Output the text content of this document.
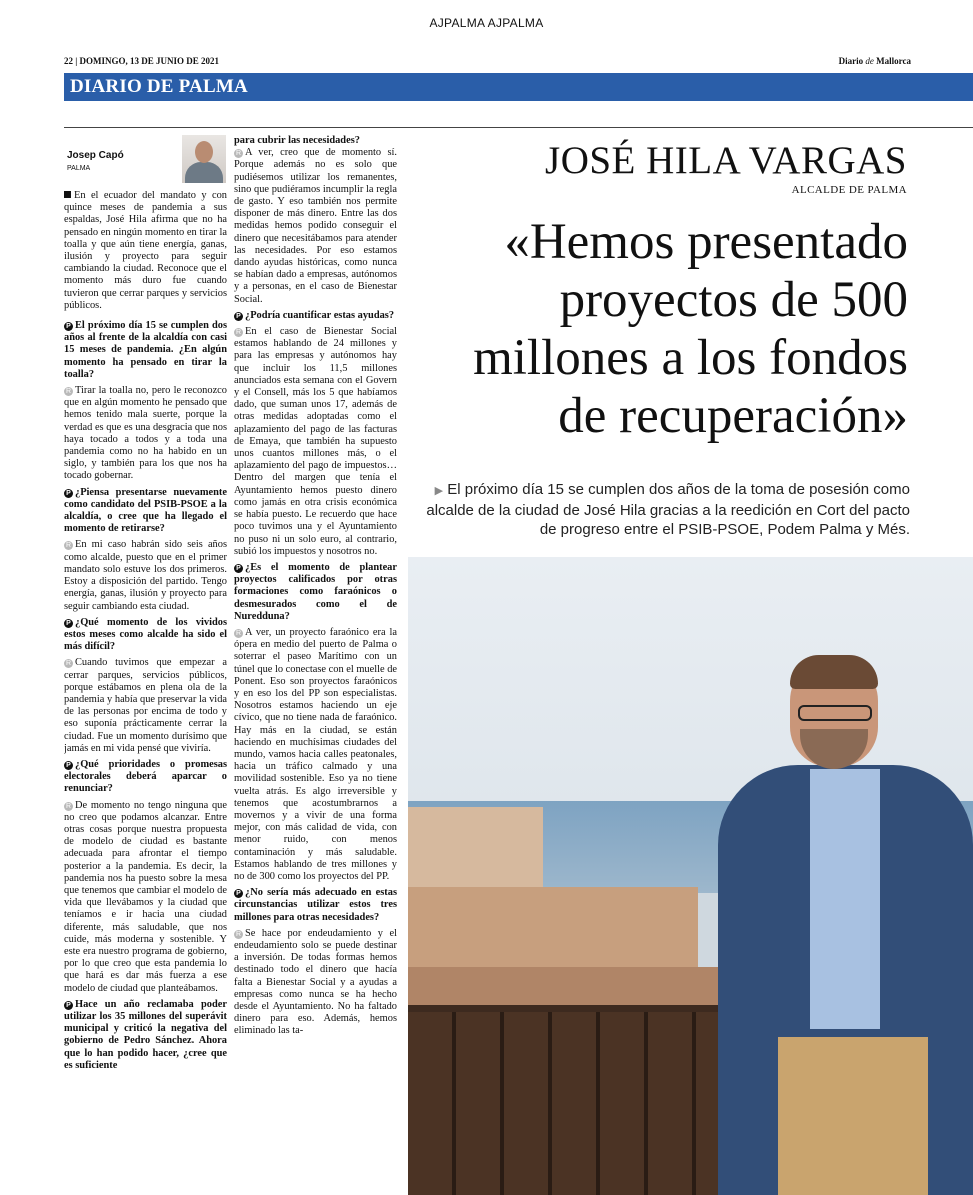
AJPALMA AJPALMA
22 | DOMINGO, 13 DE JUNIO DE 2021	Diario de Mallorca
DIARIO DE PALMA
Josep Capó
PALMA

En el ecuador del mandato y con quince meses de pandemia a sus espaldas, José Hila afirma que no ha pensado en ningún momento en tirar la toalla y que aún tiene energía, ganas, ilusión y proyecto para seguir cambiando la ciudad. Reconoce que el momento más duro fue cuando tuvieron que cerrar parques y servicios públicos.

P El próximo día 15 se cumplen dos años al frente de la alcaldía con casi 15 meses de pandemia. ¿En algún momento ha pensado en tirar la toalla?

R Tirar la toalla no, pero le reconozco que en algún momento he pensado que hemos tenido mala suerte, porque la verdad es que es una desgracia que nos haya tocado a todos y a toda una pandemia como no ha habido en un siglo, y también para los que nos ha tocado gobernar.

P ¿Piensa presentarse nuevamente como candidato del PSIB-PSOE a la alcaldía, o cree que ha llegado el momento de retirarse?

R En mi caso habrán sido seis años como alcalde, puesto que en el primer mandato solo estuve los dos primeros. Estoy a disposición del partido. Tengo energía, ganas, ilusión y proyecto para seguir cambiando esta ciudad.

P ¿Qué momento de los vividos estos meses como alcalde ha sido el más difícil?

R Cuando tuvimos que empezar a cerrar parques, servicios públicos, porque estábamos en plena ola de la pandemia y había que preservar la vida de las personas por encima de todo y eso suponía prácticamente cerrar la ciudad. Fue un momento durísimo que jamás en mi vida pensé que viviría.

P ¿Qué prioridades o promesas electorales deberá aparcar o renunciar?

R De momento no tengo ninguna que no creo que podamos alcanzar. Entre otras cosas porque nuestra propuesta de modelo de ciudad es bastante adecuada para afrontar el tiempo posterior a la pandemia. Es decir, la pandemia nos ha puesto sobre la mesa que tenemos que cambiar el modelo de vida que llevábamos y la ciudad que teníamos e ir hacia una ciudad diferente, más saludable, que nos cuide, más moderna y sostenible. Y este era nuestro programa de gobierno, por lo que creo que esta pandemia lo que hará es dar más fuerza a ese modelo de ciudad que planteábamos.

P Hace un año reclamaba poder utilizar los 35 millones del superávit municipal y criticó la negativa del gobierno de Pedro Sánchez. Ahora que lo han podido hacer, ¿cree que es suficiente

para cubrir las necesidades?

R A ver, creo que de momento sí. Porque además no es solo que pudiésemos utilizar los remanentes, sino que pudiéramos incumplir la regla de gasto. Y eso también nos permite disponer de más dinero. Entre las dos medidas hemos podido conseguir el dinero que necesitábamos para atender las necesidades. Por eso estamos dando ayudas históricas, como nunca se habían dado a empresas, autónomos y a personas, en el caso de Bienestar Social.

P ¿Podría cuantificar estas ayudas?

R En el caso de Bienestar Social estamos hablando de 24 millones y para las empresas y autónomos hay que incluir los 11,5 millones anunciados esta semana con el Govern y el Consell, más los 5 que habíamos dado, que suman unos 17, además de otras medidas adoptadas como el aplazamiento del pago de las facturas de Emaya, que también ha supuesto unos cuantos millones más, o el aplazamiento del pago de impuestos… Dentro del margen que tenía el Ayuntamiento hemos puesto dinero como jamás en otra crisis económica se había puesto. Le recuerdo que hace poco tuvimos una y el Ayuntamiento no puso ni un solo euro, al contrario, subió los impuestos y nosotros no.

P ¿Es el momento de plantear proyectos calificados por otras formaciones como faraónicos o desmesurados como el de Nuredduna?

R A ver, un proyecto faraónico era la ópera en medio del puerto de Palma o soterrar el paseo Marítimo con un túnel que lo conectase con el muelle de Ponent. Eso son proyectos faraónicos y en eso los del PP son especialistas. Nosotros estamos haciendo un eje cívico, que no tiene nada de faraónico. Hay más en la ciudad, se están haciendo en muchísimas ciudades del mundo, vamos hacia calles peatonales, hacia un tráfico calmado y una movilidad sostenible. Eso ya no tiene vuelta atrás. Es algo irreversible y tenemos que acostumbrarnos a movernos y a vivir de una forma mejor, con más calidad de vida, con menor ruido, con menos contaminación y más saludable. Estamos hablando de tres millones y no de 300 como los proyectos del PP.

P ¿No sería más adecuado en estas circunstancias utilizar estos tres millones para otras necesidades?

R Se hace por endeudamiento y el endeudamiento solo se puede destinar a inversión. De todas formas hemos destinado todo el dinero que hacía falta a Bienestar Social y a ayudas a empresas como nunca se ha hecho desde el Ayuntamiento. No ha faltado dinero para eso. Además, hemos eliminado las ta-

JOSÉ HILA VARGAS
ALCALDE DE PALMA
«Hemos presentado proyectos de 500 millones a los fondos de recuperación»
▶ El próximo día 15 se cumplen dos años de la toma de posesión como alcalde de la ciudad de José Hila gracias a la reedición en Cort del pacto de progreso entre el PSIB-PSOE, Podem Palma y Més.
